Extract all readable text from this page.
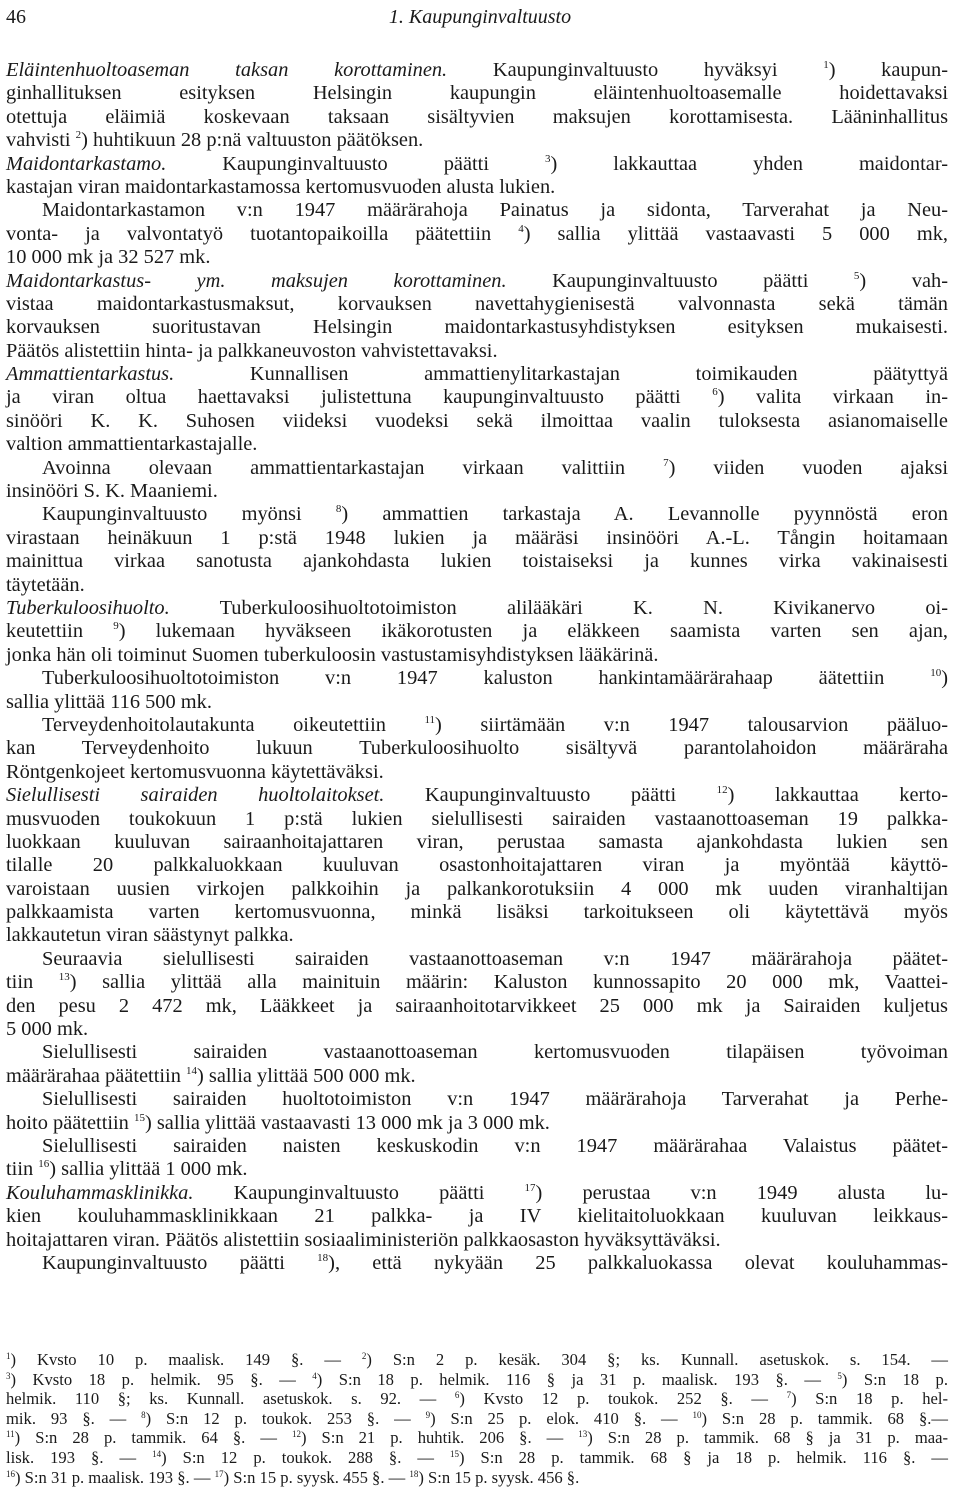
46	1. Kaupunginvaltuusto
Eläintenhuoltoaseman taksan korottaminen. Kaupunginvaltuusto hyväksyi $^1$) kaupun-
ginhallituksen esityksen Helsingin kaupungin eläintenhuoltoasemalle hoidettavaksi
otettuja eläimiä koskevaan taksaan sisältyvien maksujen korottamisesta. Lääninhallitus
vahvisti $^2$) huhtikuun 28 p:nä valtuuston päätöksen.
Maidontarkastamo. Kaupunginvaltuusto päätti $^3$) lakkauttaa yhden maidontar-
kastajan viran maidontarkastamossa kertomusvuoden alusta lukien.
Maidontarkastamon v:n 1947 määrärahoja Painatus ja sidonta, Tarverahat ja Neu-
vonta- ja valvontatyö tuotantopaikoilla päätettiin $^4$) sallia ylittää vastaavasti 5 000 mk,
10 000 mk ja 32 527 mk.
Maidontarkastus- ym. maksujen korottaminen. Kaupunginvaltuusto päätti $^5$) vah-
vistaa maidontarkastusmaksut, korvauksen navettahygienisestä valvonnasta sekä tämän
korvauksen suoritustavan Helsingin maidontarkastusyhdistyksen esityksen mukaisesti.
Päätös alistettiin hinta- ja palkkaneuvoston vahvistettavaksi.
Ammattientarkastus. Kunnallisen ammattienylitarkastajan toimikauden päätyttyä
ja viran oltua haettavaksi julistettuna kaupunginvaltuusto päätti $^6$) valita virkaan in-
sinööri K. K. Suhosen viideksi vuodeksi sekä ilmoittaa vaalin tuloksesta asianomaiselle
valtion ammattientarkastajalle.
Avoinna olevaan ammattientarkastajan virkaan valittiin $^7$) viiden vuoden ajaksi
insinööri S. K. Maaniemi.
Kaupunginvaltuusto myönsi $^8$) ammattien tarkastaja A. Levannolle pyynnöstä eron
virastaan heinäkuun 1 p:stä 1948 lukien ja määräsi insinööri A.-L. Tångin hoitamaan
mainittua virkaa sanotusta ajankohdasta lukien toistaiseksi ja kunnes virka vakinaisesti
täytetään.
Tuberkuloosihuolto. Tuberkuloosihuoltotoimiston alilääkäri K. N. Kivikanervo oi-
keutettiin $^9$) lukemaan hyväkseen ikäkorotusten ja eläkkeen saamista varten sen ajan,
jonka hän oli toiminut Suomen tuberkuloosin vastustamisyhdistyksen lääkärinä.
Tuberkuloosihuoltotoimiston v:n 1947 kaluston hankintamäärärahaap äätettiin $^{10}$)
sallia ylittää 116 500 mk.
Terveydenhoitolautakunta oikeutettiin $^{11}$) siirtämään v:n 1947 talousarvion pääluo-
kan Terveydenhoito lukuun Tuberkuloosihuolto sisältyvä parantolahoidon määräraha
Röntgenkojeet kertomusvuonna käytettäväksi.
Sielullisesti sairaiden huoltolaitokset. Kaupunginvaltuusto päätti $^{12}$) lakkauttaa kerto-
musvuoden toukokuun 1 p:stä lukien sielullisesti sairaiden vastaanottoaseman 19 palkka-
luokkaan kuuluvan sairaanhoitajattaren viran, perustaa samasta ajankohdasta lukien sen
tilalle 20 palkkaluokkaan kuuluvan osastonhoitajattaren viran ja myöntää käyttö-
varoistaan uusien virkojen palkkoihin ja palkankorotuksiin 4 000 mk uuden viranhaltijan
palkkaamista varten kertomusvuonna, minkä lisäksi tarkoitukseen oli käytettävä myös
lakkautetun viran säästynyt palkka.
Seuraavia sielullisesti sairaiden vastaanottoaseman v:n 1947 määrärahoja päätet-
tiin $^{13}$) sallia ylittää alla mainituin määrin: Kaluston kunnossapito 20 000 mk, Vaattei-
den pesu 2 472 mk, Lääkkeet ja sairaanhoitotarvikkeet 25 000 mk ja Sairaiden kuljetus
5 000 mk.
Sielullisesti sairaiden vastaanottoaseman kertomusvuoden tilapäisen työvoiman
määrärahaa päätettiin $^{14}$) sallia ylittää 500 000 mk.
Sielullisesti sairaiden huoltotoimiston v:n 1947 määrärahoja Tarverahat ja Perhe-
hoito päätettiin $^{15}$) sallia ylittää vastaavasti 13 000 mk ja 3 000 mk.
Sielullisesti sairaiden naisten keskuskodin v:n 1947 määrärahaa Valaistus päätet-
tiin $^{16}$) sallia ylittää 1 000 mk.
Kouluhammasklinikka. Kaupunginvaltuusto päätti $^{17}$) perustaa v:n 1949 alusta lu-
kien kouluhammasklinikkaan 21 palkka- ja IV kielitaitoluokkaan kuuluvan leikkaus-
hoitajattaren viran. Päätös alistettiin sosiaaliministeriön palkkaosaston hyväksyttäväksi.
Kaupunginvaltuusto päätti $^{18}$), että nykyään 25 palkkaluokassa olevat kouluhammas-
$^1$) Kvsto 10 p. maalisk. 149 §. — $^2$) S:n 2 p. kesäk. 304 §; ks. Kunnall. asetuskok. s. 154. —
$^3$) Kvsto 18 p. helmik. 95 §. — $^4$) S:n 18 p. helmik. 116 § ja 31 p. maalisk. 193 §. — $^5$) S:n 18 p.
helmik. 110 §; ks. Kunnall. asetuskok. s. 92. — $^6$) Kvsto 12 p. toukok. 252 §. — $^7$) S:n 18 p. hel-
mik. 93 §. — $^8$) S:n 12 p. toukok. 253 §. — $^9$) S:n 25 p. elok. 410 §. — $^{10}$) S:n 28 p. tammik. 68 §.—
$^{11}$) S:n 28 p. tammik. 64 §. — $^{12}$) S:n 21 p. huhtik. 206 §. — $^{13}$) S:n 28 p. tammik. 68 § ja 31 p. maa-
lisk. 193 §. — $^{14}$) S:n 12 p. toukok. 288 §. — $^{15}$) S:n 28 p. tammik. 68 § ja 18 p. helmik. 116 §. —
$^{16}$) S:n 31 p. maalisk. 193 §. — $^{17}$) S:n 15 p. syysk. 455 §. — $^{18}$) S:n 15 p. syysk. 456 §.
